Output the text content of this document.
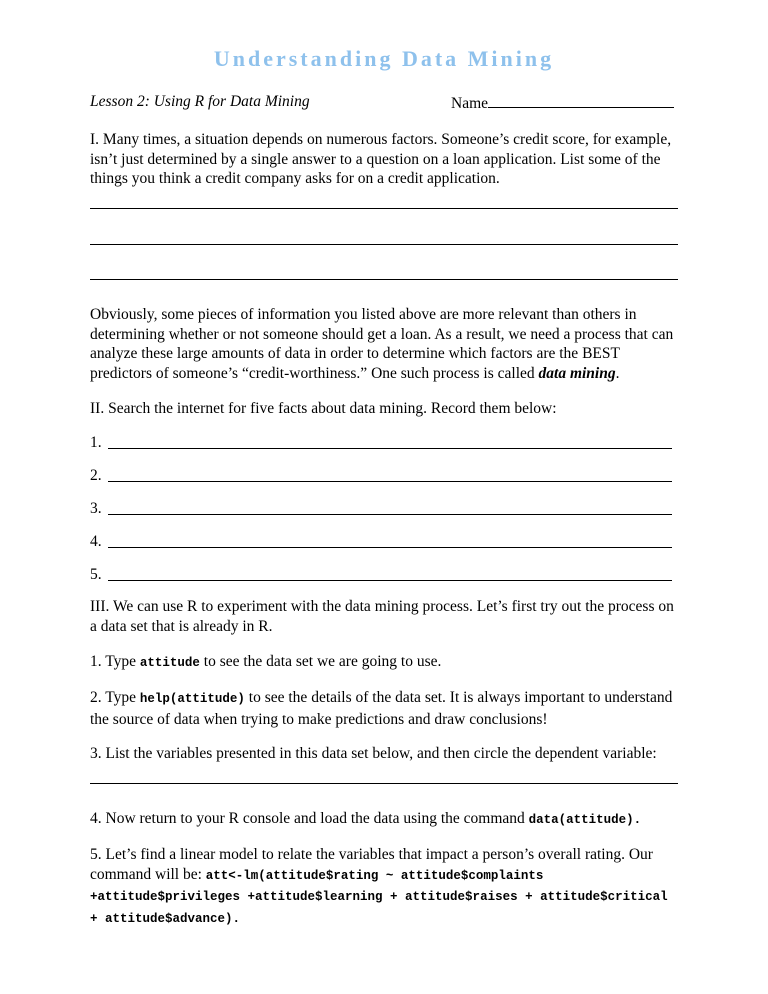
Understanding Data Mining
Lesson 2: Using R for Data Mining	Name
I. Many times, a situation depends on numerous factors. Someone’s credit score, for example, isn’t just determined by a single answer to a question on a loan application. List some of the things you think a credit company asks for on a credit application.
Obviously, some pieces of information you listed above are more relevant than others in determining whether or not someone should get a loan. As a result, we need a process that can analyze these large amounts of data in order to determine which factors are the BEST predictors of someone’s “credit-worthiness.” One such process is called data mining.
II. Search the internet for five facts about data mining. Record them below:
1.
2.
3.
4.
5.
III. We can use R to experiment with the data mining process. Let’s first try out the process on a data set that is already in R.
1. Type attitude to see the data set we are going to use.
2. Type help(attitude) to see the details of the data set. It is always important to understand the source of data when trying to make predictions and draw conclusions!
3. List the variables presented in this data set below, and then circle the dependent variable:
4. Now return to your R console and load the data using the command data(attitude).
5. Let’s find a linear model to relate the variables that impact a person’s overall rating. Our command will be: att<-lm(attitude$rating ~ attitude$complaints +attitude$privileges +attitude$learning + attitude$raises + attitude$critical + attitude$advance).
